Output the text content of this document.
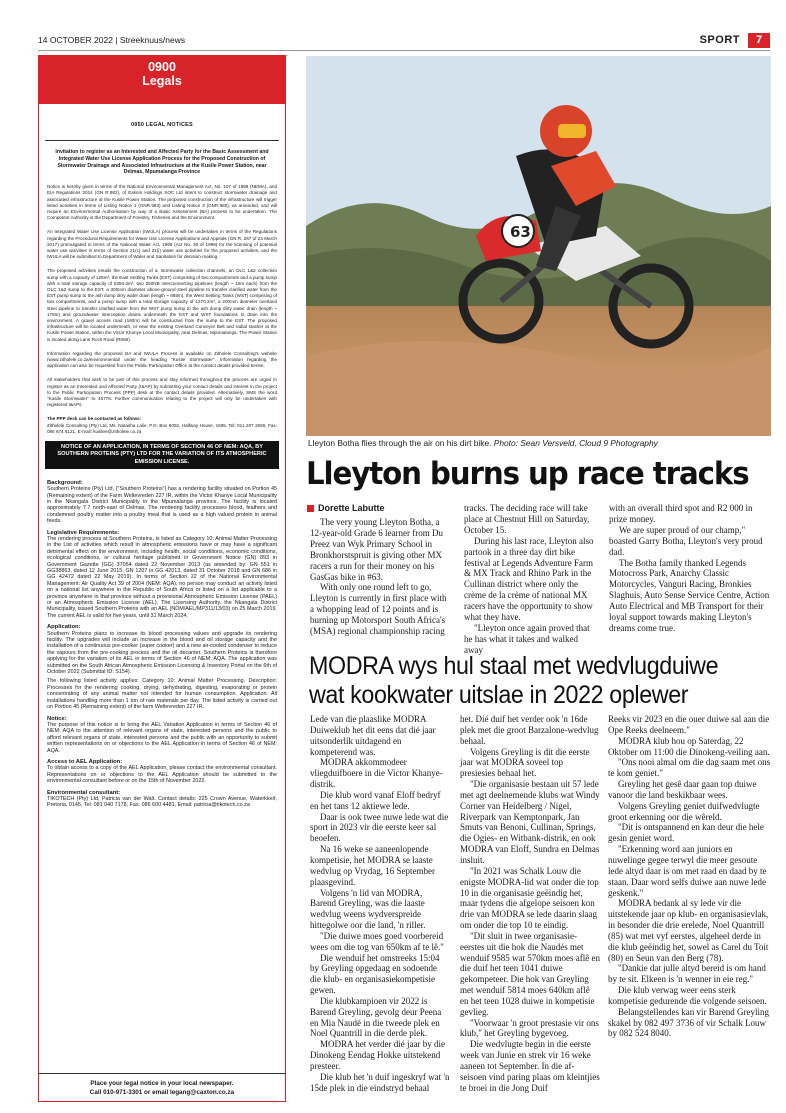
14 OCTOBER 2022 | Streeknuus/news	SPORT	7
0900
Legals
0950 LEGAL NOTICES
Invitation to register as an Interested and Affected Party for the Basic Assessment and Integrated Water Use License Application Process for the Proposed Construction of Stormwater Drainage and Associated Infrastructure at the Kusile Power Station, near Delmas, Mpumalanga Province

Notice is hereby given in terms of the National Environmental Management Act, No. 107 of 1998 (NEMA), and EIA Regulations 2014 (GN R.982), of Eskom Holdings SOC Ltd intent to construct stormwater drainage and associated infrastructure at the Kusile Power Station. The proposed construction of the infrastructure will trigger listed activities in terms of Listing Notice 1 (GNR.983) and Listing Notice 3 (GNR.985), as amended, and will require an Environmental Authorisation by way of a Basic Assessment (BA) process to be undertaken. The Competent Authority is the Department of Forestry, Fisheries and the Environment.

An Integrated Water Use License Application (IWULA) process will be undertaken in terms of the Regulations regarding the Procedural Requirements for Water Use License Applications and Appeals (GN R. 267 of 24 March 2017) promulgated in terms of the National Water Act, 1998 (Act No. 36 of 1998) for the licensing of potential water use activities in terms of Section 21(c) and 21(i) water use activities for the proposed activities, and the IWULA will be submitted to Department of Water and Sanitation for decision-making.

The proposed activities entails the construction of a; stormwater collection channels, an OLC 1&2 collection sump with a capacity of 125m³, the East Settling Tanks (EST) comprising of two compartments and a pump sump with a total storage capacity of 5394.3m³, two 250NB interconnecting pipelines (length ~ 10m each) from the OLC 1&2 sump to the EST, a 300mm diameter above-ground steel pipeline to transfer clarified water from the EST pump sump to the ash dump dirty water drain (length ~ 688m), the West Settling Tanks (WST) comprising of two compartments, and a pump sump with a total storage capacity of 1270.2m³, a 200mm diameter overland steel pipeline to transfer clarified water from the WST pump sump to the ash dump dirty water drain (length ~ 178m) and groundwater interception drains underneath the EST and WST foundations to drain into the environment. A gravel access road (160m) will be constructed from the sump to the EST. The proposed infrastructure will be located underneath, or near the existing Overland Conveyor Belt and radial stacker at the Kusile Power Station, within the Victor Khanye Local Municipality, near Delmas, Mpumalanga. The Power Station is located along Lane Rock Road (R686).

Information regarding the proposed BA and IWULA Process is available on Zitholele Consulting's website (www.zitholele.co.za/environmental/ under the heading "Kusile Stormwater". Information regarding the application can also be requested from the Public Participation Office at the contact details provided herein.

All stakeholders that wish to be part of this process and stay informed throughout the process are urged to register as an Interested and Affected Party (I&AP) by submitting your contact details and interest in the project to the Public Participation Process (PPP) desk at the contact details provided. Alternatively, SMS the word "Kusile Stormwater" to 45776. Further communication relating to the project will only be undertaken with registered I&APs.

The PPP desk can be contacted as follows:
Zitholele Consulting (Pty) Ltd, Ms. Natasha Lalie, P.O. Box 6002, Halfway House, 1685, Tel: 011 207 2060, Fax: 086 674 6121, E-mail: kusilee@zitholele.co.za
NOTICE OF AN APPLICATION, IN TERMS OF SECTION 46 OF NEM: AQA, BY SOUTHERN PROTEINS (PTY) LTD FOR THE VARIATION OF ITS ATMOSPHERIC EMISSION LICENSE.
Background:

Southern Proteins (Pty) Ltd, ("Southern Proteins") has a rendering facility situated on Portion 45 (Remaining extent) of the Farm Weltevreden 227 IR, within the Victor Khanye Local Municipality in the Nkangala District Municipality in the Mpumalanga province. The facility is located approximately 7.7 north-east of Delmas. The rendering facility processes blood, feathers and condemned poultry matter into a poultry meal that is used as a high valued protein in animal feeds.

Legislative Requirements:

The rendering process at Southern Proteins, is listed as Category 10: Animal Matter Processing in the List of activities which result in atmospheric emissions have or may have a significant detrimental effect on the environment, including health, social conditions, economic conditions, ecological conditions, or cultural heritage published in Government Notice (GN) 893 in Government Gazette (GG) 37054 dated 22 November 2013 (as amended by: GN 551 in GG38863, dated 12 June 2015; GN 1207 in GG 42013, dated 31 October 2018 and GN 686 in GG 42472 dated 22 May 2019). In terms of Section 22 of the National Environmental Management: Air Quality Act 39 of 2004 (NEM: AQA), no person may conduct an activity listed on a national list anywhere in the Republic of South Africa or listed on a list applicable to a province anywhere in that province without a provisional Atmospheric Emission License (PAEL) or an Atmospheric Emission License (AEL). The Licensing Authority, the Nkangala District Municipality, issued Southern Proteins with an AEL (NDM/AEL/MP311/13/03) on 25 March 2019. The current AEL is valid for five years, until 31 March 2024.

Application:

Southern Proteins plans to increase its blood processing values and upgrade its rendering facility. The upgrades will include an increase in the blood and oil storage capacity and the installation of a continuous pre-cooker (super cooker) and a new air-cooled condenser to reduce the vapours from the pre-cooking process and the oil decanter. Southern Proteins is therefore applying for the variation of its AEL in terms of Section 46 of NEM: AQA. The application was submitted on the South African Atmospheric Emission Licensing & Inventory Portal on the 6th of October 2022 (Submittal ID: S154).

The following listed activity applies: Category 10: Animal Matter Processing. Description: Processes for the rendering cooking, drying, dehydrating, digesting, evaporating or protein concentrating of any animal matter not intended for human consumption. Application: All installations handling more than 1 ton of raw materials per day. The listed activity is carried out on Portion 45 (Remaining extent) of the farm Weltevreden 227 IR.

Notice:

The purpose of this notice is to bring the AEL Variation Application in terms of Section 46 of NEM: AQA to the attention of relevant organs of state, interested persons and the public to afford relevant organs of state, interested persons and the public with an opportunity to submit written representations on or objections to the AEL Application in terms of Section 46 of NEM: AQA.

Access to AEL Application:

To obtain access to a copy of the AEL Application, please contact the environmental consultant. Representations on or objections to the AEL Application should be submitted to the environmental consultant before or on the 15th of November 2022.

Environmental consultant:

TIKOTECH (Pty) Ltd, Patricia van der Walt. Contact details: 225 Crown Avenue, Waterkloof, Pretoria, 0145, Tel: 081 040 7178, Fax: 086 600 4481, Email: patricia@tikotech.co.za

Place your legal notice in your local newspaper.
Call 010-971-3301 or email legang@caxton.co.za
63
Lleyton Botha flies through the air on his dirt bike. Photo: Sean Versveld, Cloud 9 Photography
Lleyton burns up race tracks
Dorette Labutte

The very young Lleyton Botha, a 12-year-old Grade 6 learner from Du Preez van Wyk Primary School in Bronkhorstspruit is giving other MX racers a run for their money on his GasGas bike in #63.

With only one round left to go, Lleyton is currently in first place with a whopping lead of 12 points and is burning up Motorsport South Africa's (MSA) regional championship racing

tracks. The deciding race will take place at Chestnut Hill on Saturday, October 15.

During his last race, Lleyton also partook in a three day dirt bike festival at Legends Adventure Farm & MX Track and Rhino Park in the Cullinan district where only the crème de la crème of national MX racers have the opportunity to show what they have.

"Lleyton once again proved that he has what it takes and walked away

with an overall third spot and R2 000 in prize money.

We are super proud of our champ," boasted Garry Botha, Lleyton's very proud dad.

The Botha family thanked Legends Motocross Park, Anarchy Classic Motorcycles, Vanguri Racing, Bronkies Slaghuis, Auto Sense Service Centre, Action Auto Electrical and MB Transport for their loyal support towards making Lleyton's dreams come true.

MODRA wys hul staal met wedvlugduiwe
wat kookwater uitslae in 2022 oplewer

Lede van die plaaslike MODRA Duiweklub het dit eens dat dié jaar uitsonderlik uitdagend en kompeterend was.

MODRA akkommodeer vliegduifboere in die Victor Khanye-distrik.

Die klub word vanaf Eloff bedryf en het tans 12 aktiewe lede.

Daar is ook twee nuwe lede wat die sport in 2023 vir die eerste keer sal beoefen.

Na 16 weke se aaneenlopende kompetisie, het MODRA se laaste wedvlug op Vrydag, 16 September plaasgevind.

Volgens 'n lid van MODRA, Barend Greyling, was die laaste wedvlug weens wydverspreide hittegolwe oor die land, 'n riller.

"Die duiwe moes goed voorbereid wees om die tog van 650km af te lê."

Die wenduif het omstreeks 15:04 by Greyling opgedaag en sodoende die klub- en organisasiekompetisie gewen.

Die klubkampioen vir 2022 is Barend Greyling, gevolg deur Peena en Mia Naudé in die tweede plek en Noel Quantrill in die derde plek.

MODRA het verder dié jaar by die Dinokeng Eendag Hokke uitstekend presteer.

Die klub het 'n duif ingeskryf wat 'n 15de plek in die eindstryd behaal

het. Dié duif het verder ook 'n 16de plek met die groot Barzalone-wedvlug behaal.

Volgens Greyling is dit die eerste jaar wat MODRA soveel top presiesies behaal het.

"Die organisasie bestaan uit 57 lede met agt deelnemende klubs wat Windy Corner van Heidelberg / Nigel, Riverpark van Kemptonpark, Jan Smuts van Benoni, Cullinan, Springs, die Ogies- en Witbank-distrik, en ook MODRA van Eloff, Sundra en Delmas insluit.

"In 2021 was Schalk Louw die enigste MODRA-lid wat onder die top 10 in die organisasie geëindig het, maar tydens die afgelope seisoen kon drie van MODRA se lede daarin slaag om onder die top 10 te eindig.

"Dit sluit in twee organisasie-eerstes uit die hok die Naudés met wenduif 9585 wat 570km moes aflê en die duif het teen 1041 duiwe gekompeteer. Die hok van Greyling met wenduif 5814 moes 640km aflê en het teen 1028 duiwe in kompetisie gevlieg.

"Voorwaar 'n groot prestasie vir ons klub," het Greyling bygevoeg.

Die wedvlugte begin in die eerste week van Junie en strek vir 16 weke aaneen tot September. In die af-seisoen vind paring plaas om kleintjies te broei in die Jong Duif

Reeks vir 2023 en die ouer duiwe sal aan die Ope Reeks deelneem."

MODRA klub hou op Saterdag, 22 Oktober om 11:00 die Dinokeng-veiling aan.

"Ons nooi almal om die dag saam met ons te kom geniet."

Greyling het gesê daar gaan top duiwe vanoor die land beskikbaar wees.

Volgens Greyling geniet duifwedvlugte groot erkenning oor die wêreld.

"Dit is ontspannend en kan deur die hele gesin geniet word.

"Erkenning word aan juniors en nuwelinge gegee terwyl die meer gesoute lede altyd daar is om met raad en daad by te staan. Daar word selfs duiwe aan nuwe lede geskenk."

MODRA bedank al sy lede vir die uitstekende jaar op klub- en organisasievlak, in besonder die drie erelede, Noel Quantrill (85) wat met vyf eerstes, algeheel derde in die klub geëindig het, sowel as Carel du Toit (80) en Seun van den Berg (78).

"Dankie dat julle altyd bereid is om hand by te sit. Elkeen is 'n wenner in eie reg."

Die klub verwag weer eens sterk kompetisie gedurende die volgende seisoen.

Belangstellendes kan vir Barend Greyling skakel by 082 497 3736 of vir Schalk Louw by 082 524 8040.
